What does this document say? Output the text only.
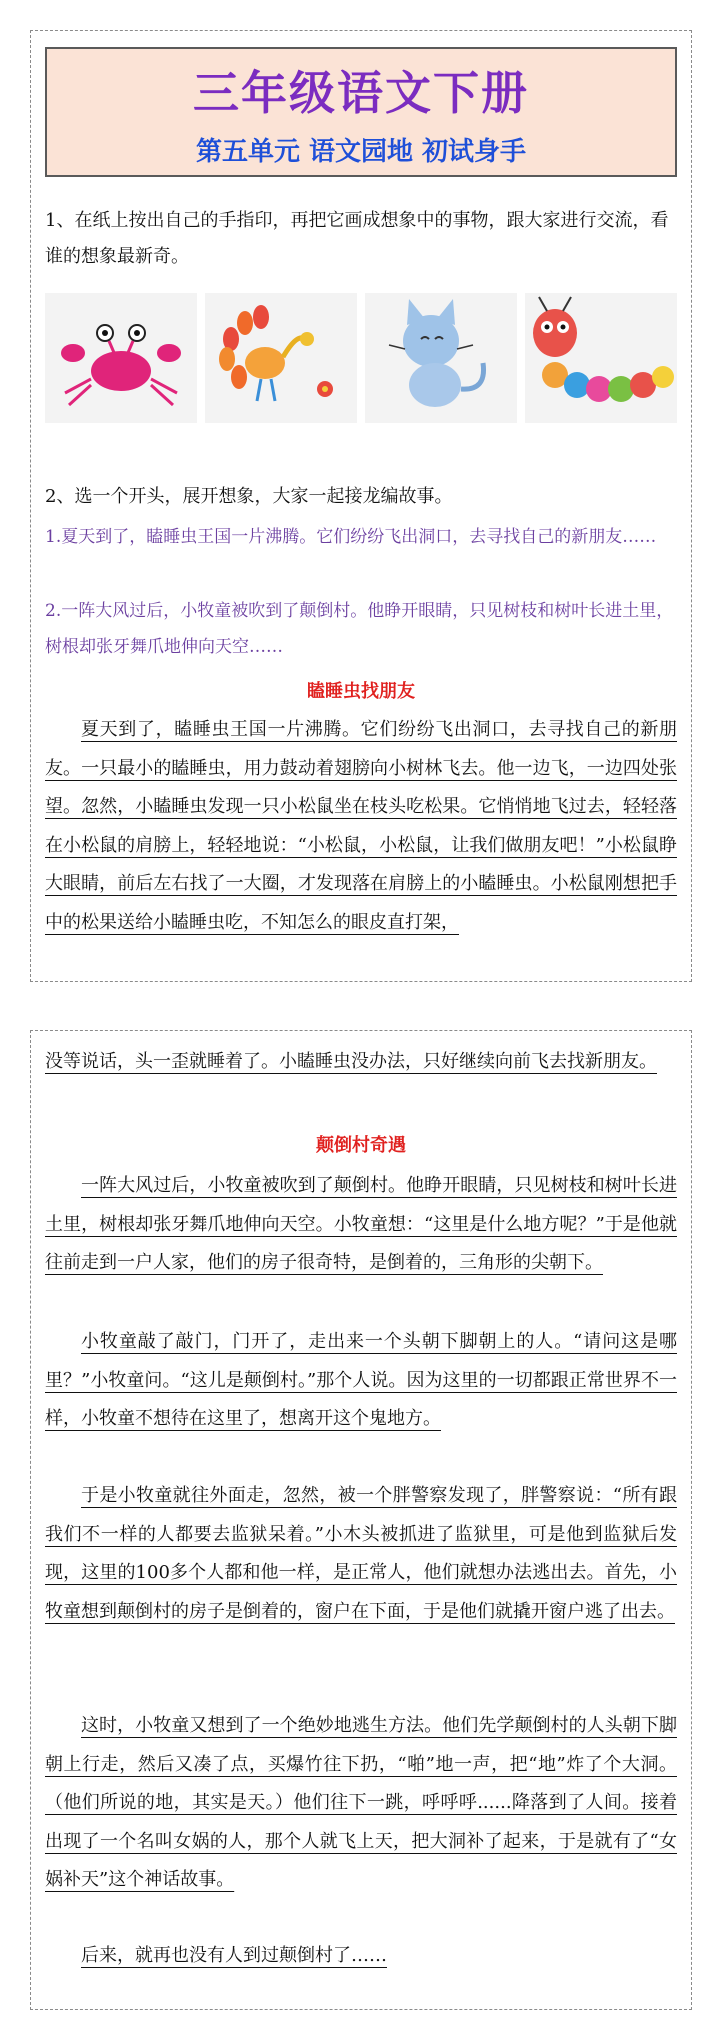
三年级语文下册
第五单元 语文园地 初试身手
1、在纸上按出自己的手指印，再把它画成想象中的事物，跟大家进行交流，看谁的想象最新奇。
2、选一个开头，展开想象，大家一起接龙编故事。
1.夏天到了，瞌睡虫王国一片沸腾。它们纷纷飞出洞口，去寻找自己的新朋友……
2.一阵大风过后，小牧童被吹到了颠倒村。他睁开眼睛，只见树枝和树叶长进土里，树根却张牙舞爪地伸向天空……
瞌睡虫找朋友
夏天到了，瞌睡虫王国一片沸腾。它们纷纷飞出洞口，去寻找自己的新朋友。一只最小的瞌睡虫，用力鼓动着翅膀向小树林飞去。他一边飞，一边四处张望。忽然，小瞌睡虫发现一只小松鼠坐在枝头吃松果。它悄悄地飞过去，轻轻落在小松鼠的肩膀上，轻轻地说：“小松鼠，小松鼠，让我们做朋友吧！”小松鼠睁大眼睛，前后左右找了一大圈，才发现落在肩膀上的小瞌睡虫。小松鼠刚想把手中的松果送给小瞌睡虫吃，不知怎么的眼皮直打架，
没等说话，头一歪就睡着了。小瞌睡虫没办法，只好继续向前飞去找新朋友。
颠倒村奇遇
一阵大风过后，小牧童被吹到了颠倒村。他睁开眼睛，只见树枝和树叶长进土里，树根却张牙舞爪地伸向天空。小牧童想：“这里是什么地方呢？”于是他就往前走到一户人家，他们的房子很奇特，是倒着的，三角形的尖朝下。
小牧童敲了敲门，门开了，走出来一个头朝下脚朝上的人。“请问这是哪里？”小牧童问。“这儿是颠倒村。”那个人说。因为这里的一切都跟正常世界不一样，小牧童不想待在这里了，想离开这个鬼地方。
于是小牧童就往外面走，忽然，被一个胖警察发现了，胖警察说：“所有跟我们不一样的人都要去监狱呆着。”小木头被抓进了监狱里，可是他到监狱后发现，这里的100多个人都和他一样，是正常人，他们就想办法逃出去。首先，小牧童想到颠倒村的房子是倒着的，窗户在下面，于是他们就撬开窗户逃了出去。
这时，小牧童又想到了一个绝妙地逃生方法。他们先学颠倒村的人头朝下脚朝上行走，然后又凑了点，买爆竹往下扔，“啪”地一声，把“地”炸了个大洞。（他们所说的地，其实是天。）他们往下一跳，呼呼呼......降落到了人间。接着出现了一个名叫女娲的人，那个人就飞上天，把大洞补了起来，于是就有了“女娲补天”这个神话故事。
后来，就再也没有人到过颠倒村了……
